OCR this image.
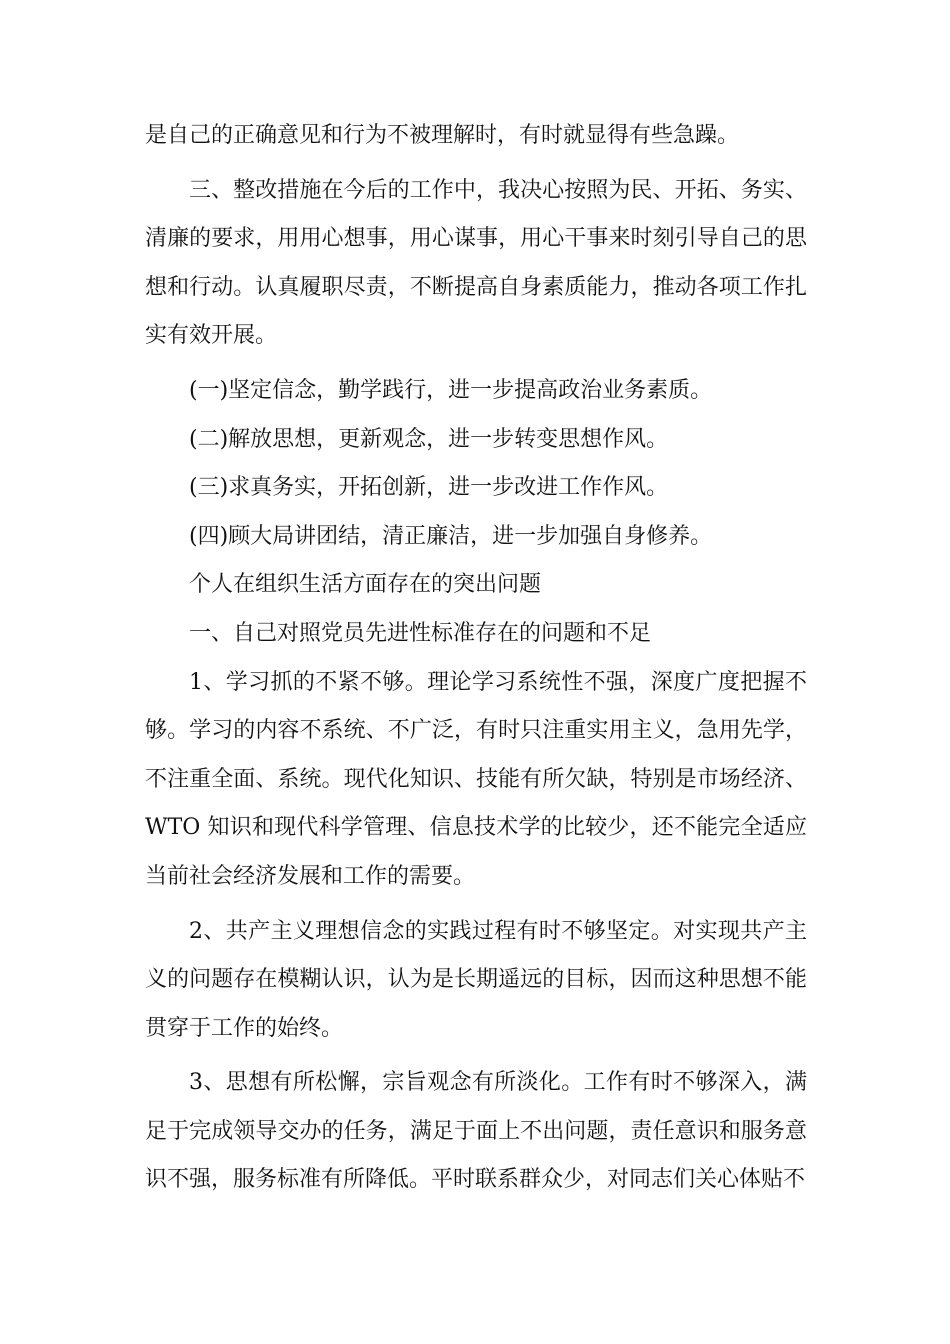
是自己的正确意见和行为不被理解时，有时就显得有些急躁。

三、整改措施在今后的工作中，我决心按照为民、开拓、务实、清廉的要求，用用心想事，用心谋事，用心干事来时刻引导自己的思想和行动。认真履职尽责，不断提高自身素质能力，推动各项工作扎实有效开展。

(一)坚定信念，勤学践行，进一步提高政治业务素质。

(二)解放思想，更新观念，进一步转变思想作风。

(三)求真务实，开拓创新，进一步改进工作作风。

(四)顾大局讲团结，清正廉洁，进一步加强自身修养。

个人在组织生活方面存在的突出问题

一、自己对照党员先进性标准存在的问题和不足

1、学习抓的不紧不够。理论学习系统性不强，深度广度把握不够。学习的内容不系统、不广泛，有时只注重实用主义，急用先学，不注重全面、系统。现代化知识、技能有所欠缺，特别是市场经济、WTO 知识和现代科学管理、信息技术学的比较少，还不能完全适应当前社会经济发展和工作的需要。

2、共产主义理想信念的实践过程有时不够坚定。对实现共产主义的问题存在模糊认识，认为是长期遥远的目标，因而这种思想不能贯穿于工作的始终。

3、思想有所松懈，宗旨观念有所淡化。工作有时不够深入，满足于完成领导交办的任务，满足于面上不出问题，责任意识和服务意识不强，服务标准有所降低。平时联系群众少，对同志们关心体贴不
